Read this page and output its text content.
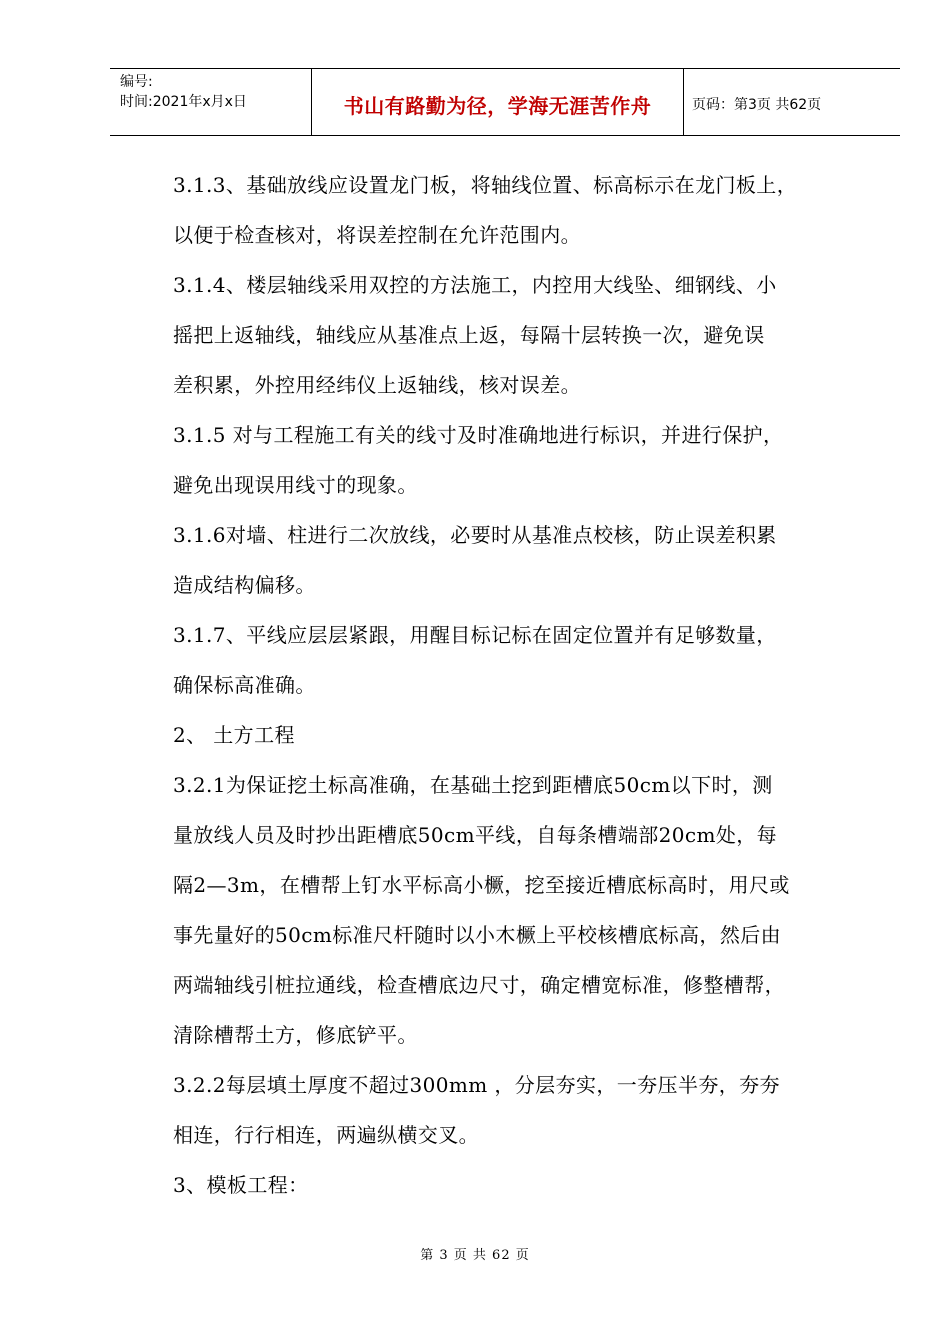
编号:
时间:2021年x月x日	书山有路勤为径，学海无涯苦作舟	页码：第3页 共62页

3.1.3、基础放线应设置龙门板，将轴线位置、标高标示在龙门板上，

以便于检查核对，将误差控制在允许范围内。

3.1.4、楼层轴线采用双控的方法施工，内控用大线坠、细钢线、小

摇把上返轴线，轴线应从基准点上返，每隔十层转换一次，避免误

差积累，外控用经纬仪上返轴线，核对误差。

3.1.5 对与工程施工有关的线寸及时准确地进行标识，并进行保护，

避免出现误用线寸的现象。

3.1.6对墙、柱进行二次放线，必要时从基准点校核，防止误差积累

造成结构偏移。

3.1.7、平线应层层紧跟，用醒目标记标在固定位置并有足够数量，

确保标高准确。

2、 土方工程

3.2.1为保证挖土标高准确，在基础土挖到距槽底50cm以下时，测

量放线人员及时抄出距槽底50cm平线，自每条槽端部20cm处，每

隔2—3m，在槽帮上钉水平标高小橛，挖至接近槽底标高时，用尺或

事先量好的50cm标准尺杆随时以小木橛上平校核槽底标高，然后由

两端轴线引桩拉通线，检查槽底边尺寸，确定槽宽标准，修整槽帮，

清除槽帮土方，修底铲平。

3.2.2每层填土厚度不超过300mm ，分层夯实，一夯压半夯，夯夯

相连，行行相连，两遍纵横交叉。

3、模板工程：

第 3 页 共 62 页
